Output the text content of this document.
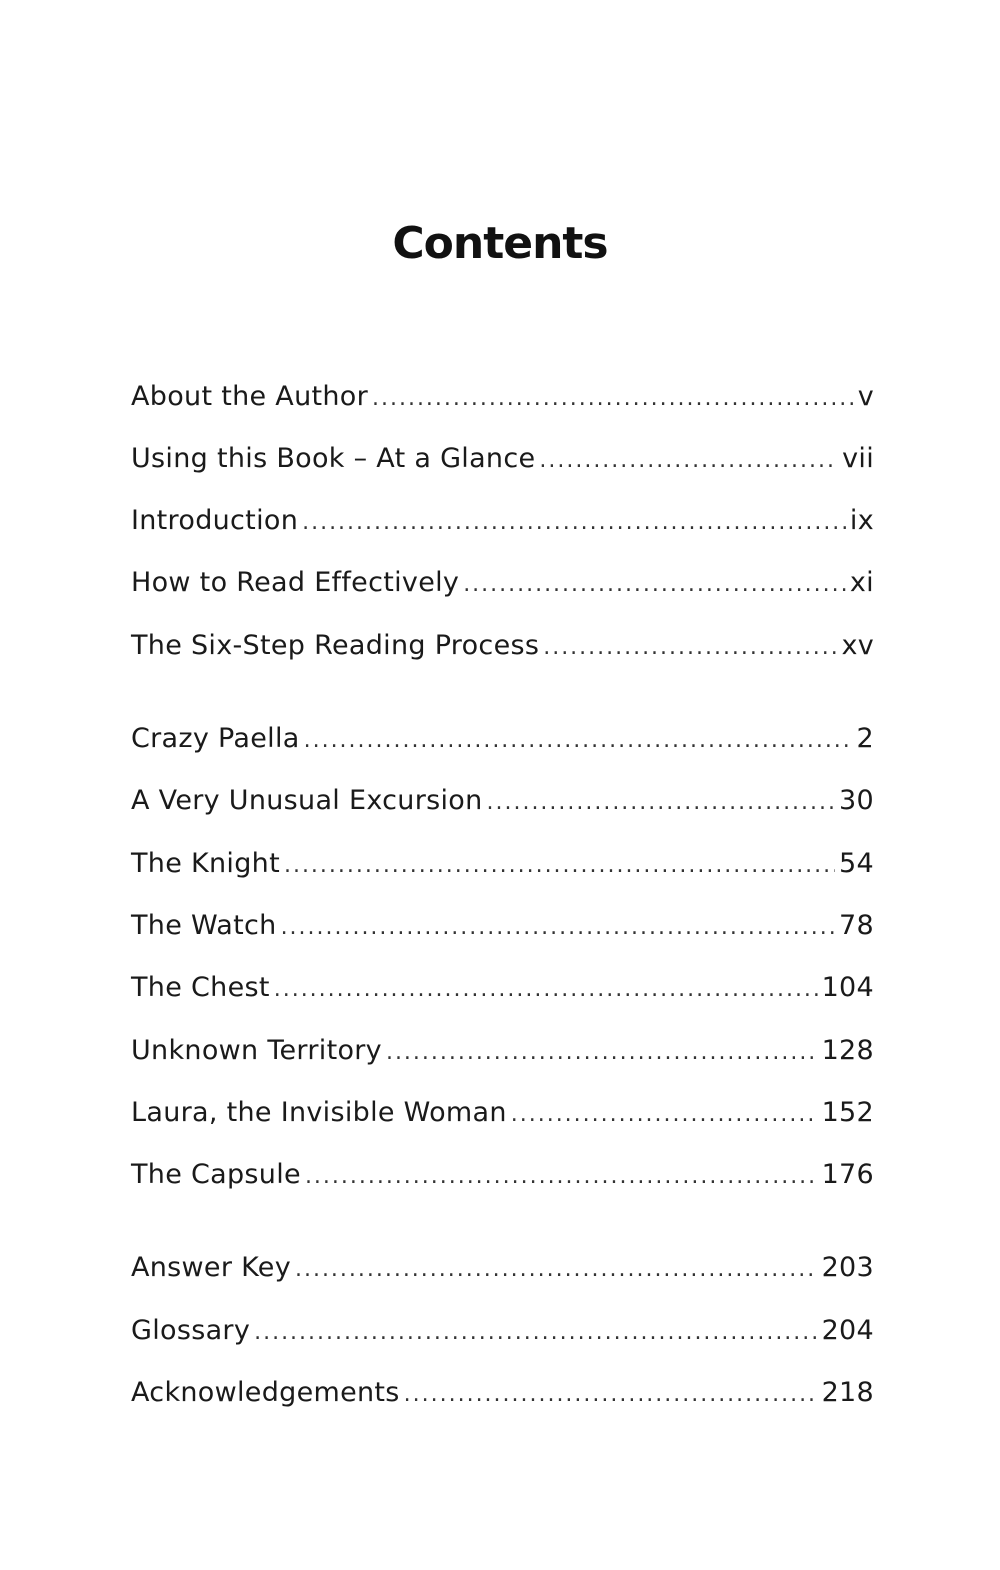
Contents
About the Author . . .	v
Using this Book – At a Glance . . .	vii
Introduction . . .	ix
How to Read Effectively . . .	xi
The Six-Step Reading Process . . .	xv
Crazy Paella . . .	2
A Very Unusual Excursion . . .	30
The Knight . . .	54
The Watch . . .	78
The Chest . . .	104
Unknown Territory . . .	128
Laura, the Invisible Woman . . .	152
The Capsule . . .	176
Answer Key . . .	203
Glossary . . .	204
Acknowledgements . . .	218
